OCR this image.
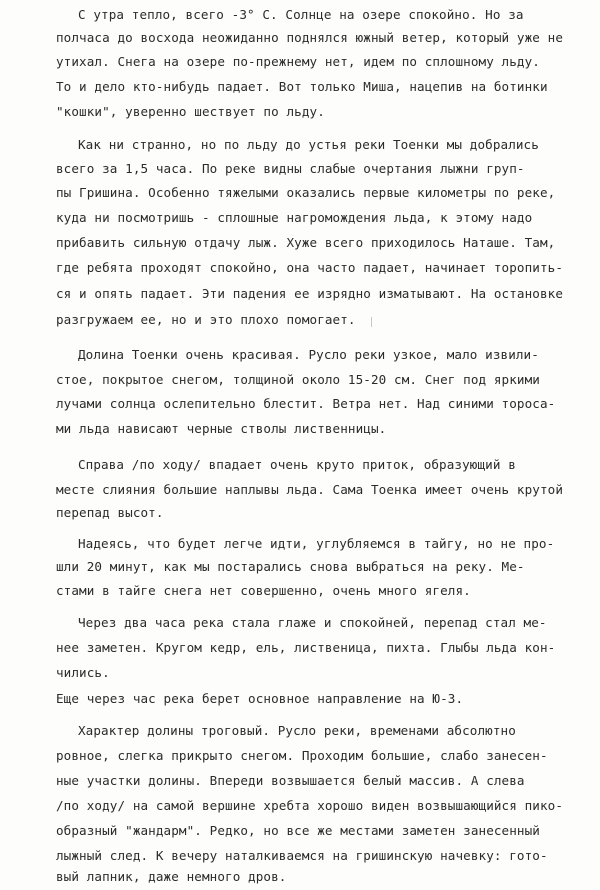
С утра тепло, всего -3° С. Солнце на озере спокойно. Но за
полчаса до восхода неожиданно поднялся южный ветер, который уже не
утихал. Снега на озере по-прежнему нет, идем по сплошному льду.
То и дело кто-нибудь падает. Вот только Миша, нацепив на ботинки
"кошки", уверенно шествует по льду.
Как ни странно, но по льду до устья реки Тоенки мы добрались
всего за 1,5 часа. По реке видны слабые очертания лыжни груп-
пы Гришина. Особенно тяжелыми оказались первые километры по реке,
куда ни посмотришь - сплошные нагромождения льда, к этому надо
прибавить сильную отдачу лыж. Хуже всего приходилось Наташе. Там,
где ребята проходят спокойно, она часто падает, начинает торопить-
ся и опять падает. Эти падения ее изрядно изматывают. На остановке
разгружаем ее, но и это плохо помогает.
Долина Тоенки очень красивая. Русло реки узкое, мало извили-
стое, покрытое снегом, толщиной около 15-20 см. Снег под яркими
лучами солнца ослепительно блестит. Ветра нет. Над синими тороса-
ми льда нависают черные стволы лиственницы.
Справа /по ходу/ впадает очень круто приток, образующий в
месте слияния большие наплывы льда. Сама Тоенка имеет очень крутой
перепад высот.
Надеясь, что будет легче идти, углубляемся в тайгу, но не про-
шли 20 минут, как мы постарались снова выбраться на реку. Ме-
стами в тайге снега нет совершенно, очень много ягеля.
Через два часа река стала глаже и спокойней, перепад стал ме-
нее заметен. Кругом кедр, ель, лиственица, пихта. Глыбы льда кон-
чились.
Еще через час река берет основное направление на Ю-З.
Характер долины троговый. Русло реки, временами абсолютно
ровное, слегка прикрыто снегом. Проходим большие, слабо занесен-
ные участки долины. Впереди возвышается белый массив. А слева
/по ходу/ на самой вершине хребта хорошо виден возвышающийся пико-
образный "жандарм". Редко, но все же местами заметен занесенный
лыжный след. К вечеру наталкиваемся на гришинскую начевку: гото-
вый лапник, даже немного дров.
